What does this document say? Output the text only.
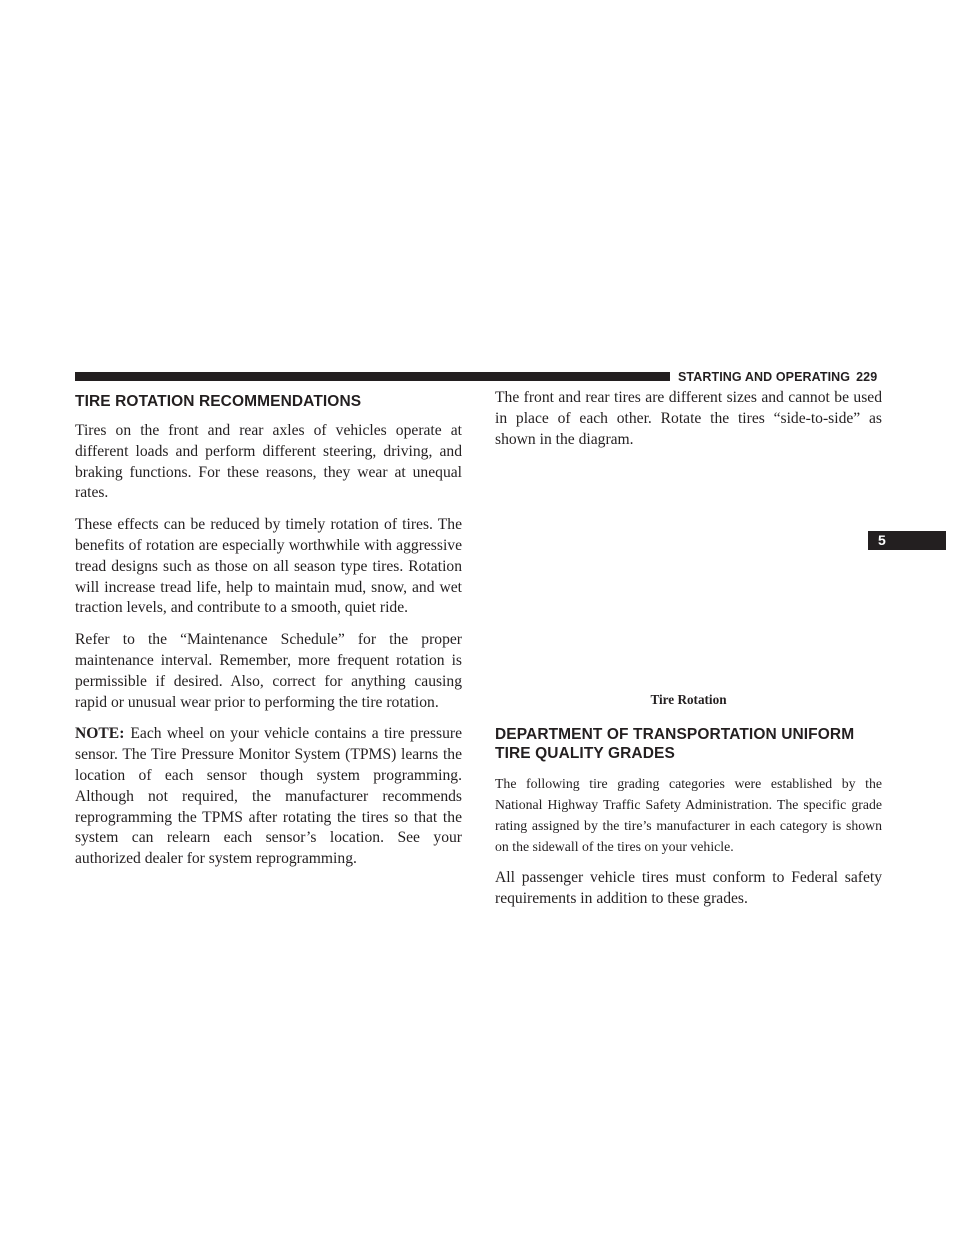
STARTING AND OPERATING 229
5
TIRE ROTATION RECOMMENDATIONS

Tires on the front and rear axles of vehicles operate at different loads and perform different steering, driving, and braking functions. For these reasons, they wear at unequal rates.

These effects can be reduced by timely rotation of tires. The benefits of rotation are especially worthwhile with aggressive tread designs such as those on all season type tires. Rotation will increase tread life, help to maintain mud, snow, and wet traction levels, and contribute to a smooth, quiet ride.

Refer to the “Maintenance Schedule” for the proper maintenance interval. Remember, more frequent rotation is permissible if desired. Also, correct for anything causing rapid or unusual wear prior to performing the tire rotation.

NOTE: Each wheel on your vehicle contains a tire pressure sensor. The Tire Pressure Monitor System (TPMS) learns the location of each sensor though system programming. Although not required, the manufacturer recommends reprogramming the TPMS after rotating the tires so that the system can relearn each sensor’s location. See your authorized dealer for system reprogramming.

The front and rear tires are different sizes and cannot be used in place of each other. Rotate the tires “side-to-side” as shown in the diagram.

Tire Rotation
DEPARTMENT OF TRANSPORTATION UNIFORM TIRE QUALITY GRADES

The following tire grading categories were established by the National Highway Traffic Safety Administration. The specific grade rating assigned by the tire’s manufacturer in each category is shown on the sidewall of the tires on your vehicle.

All passenger vehicle tires must conform to Federal safety requirements in addition to these grades.
